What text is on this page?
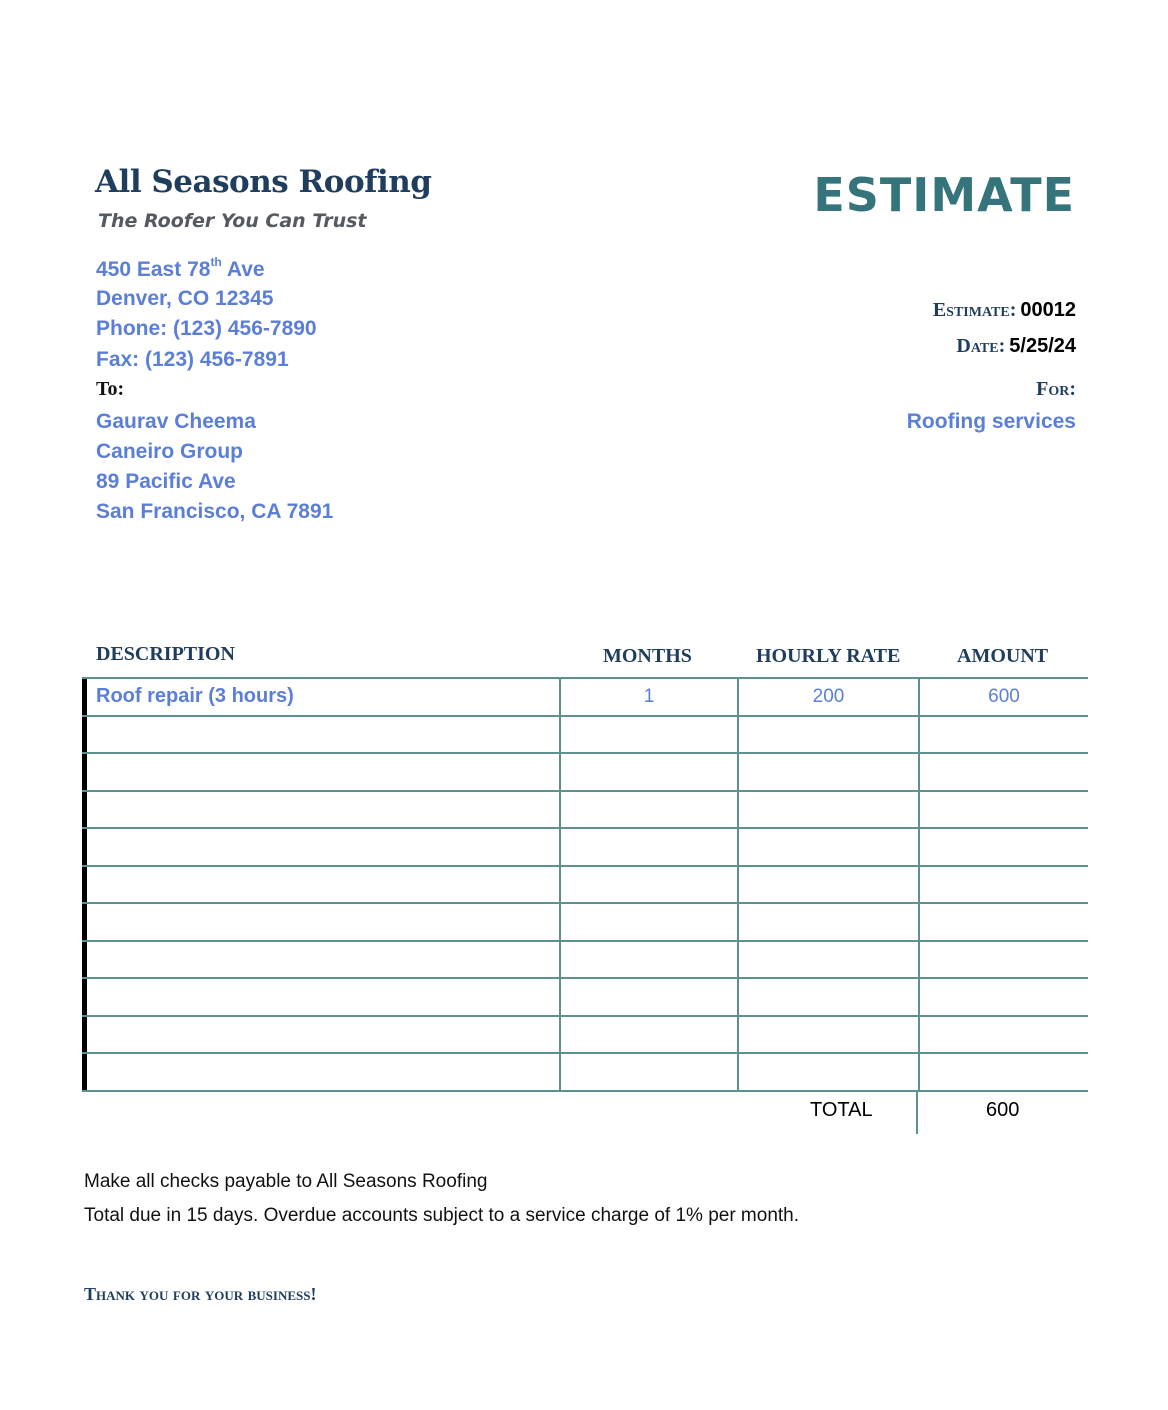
All Seasons Roofing
The Roofer You Can Trust
450 East 78th Ave
Denver, CO 12345
Phone: (123) 456-7890
Fax: (123) 456-7891
To:
Gaurav Cheema
Caneiro Group
89 Pacific Ave
San Francisco, CA 7891
ESTIMATE
Estimate: 00012
Date: 5/25/24
For:
Roofing services
DESCRIPTION	MONTHS	HOURLY RATE	AMOUNT
Roof repair (3 hours)	1	200	600
TOTAL	600
Make all checks payable to All Seasons Roofing
Total due in 15 days. Overdue accounts subject to a service charge of 1% per month.
Thank you for your business!
